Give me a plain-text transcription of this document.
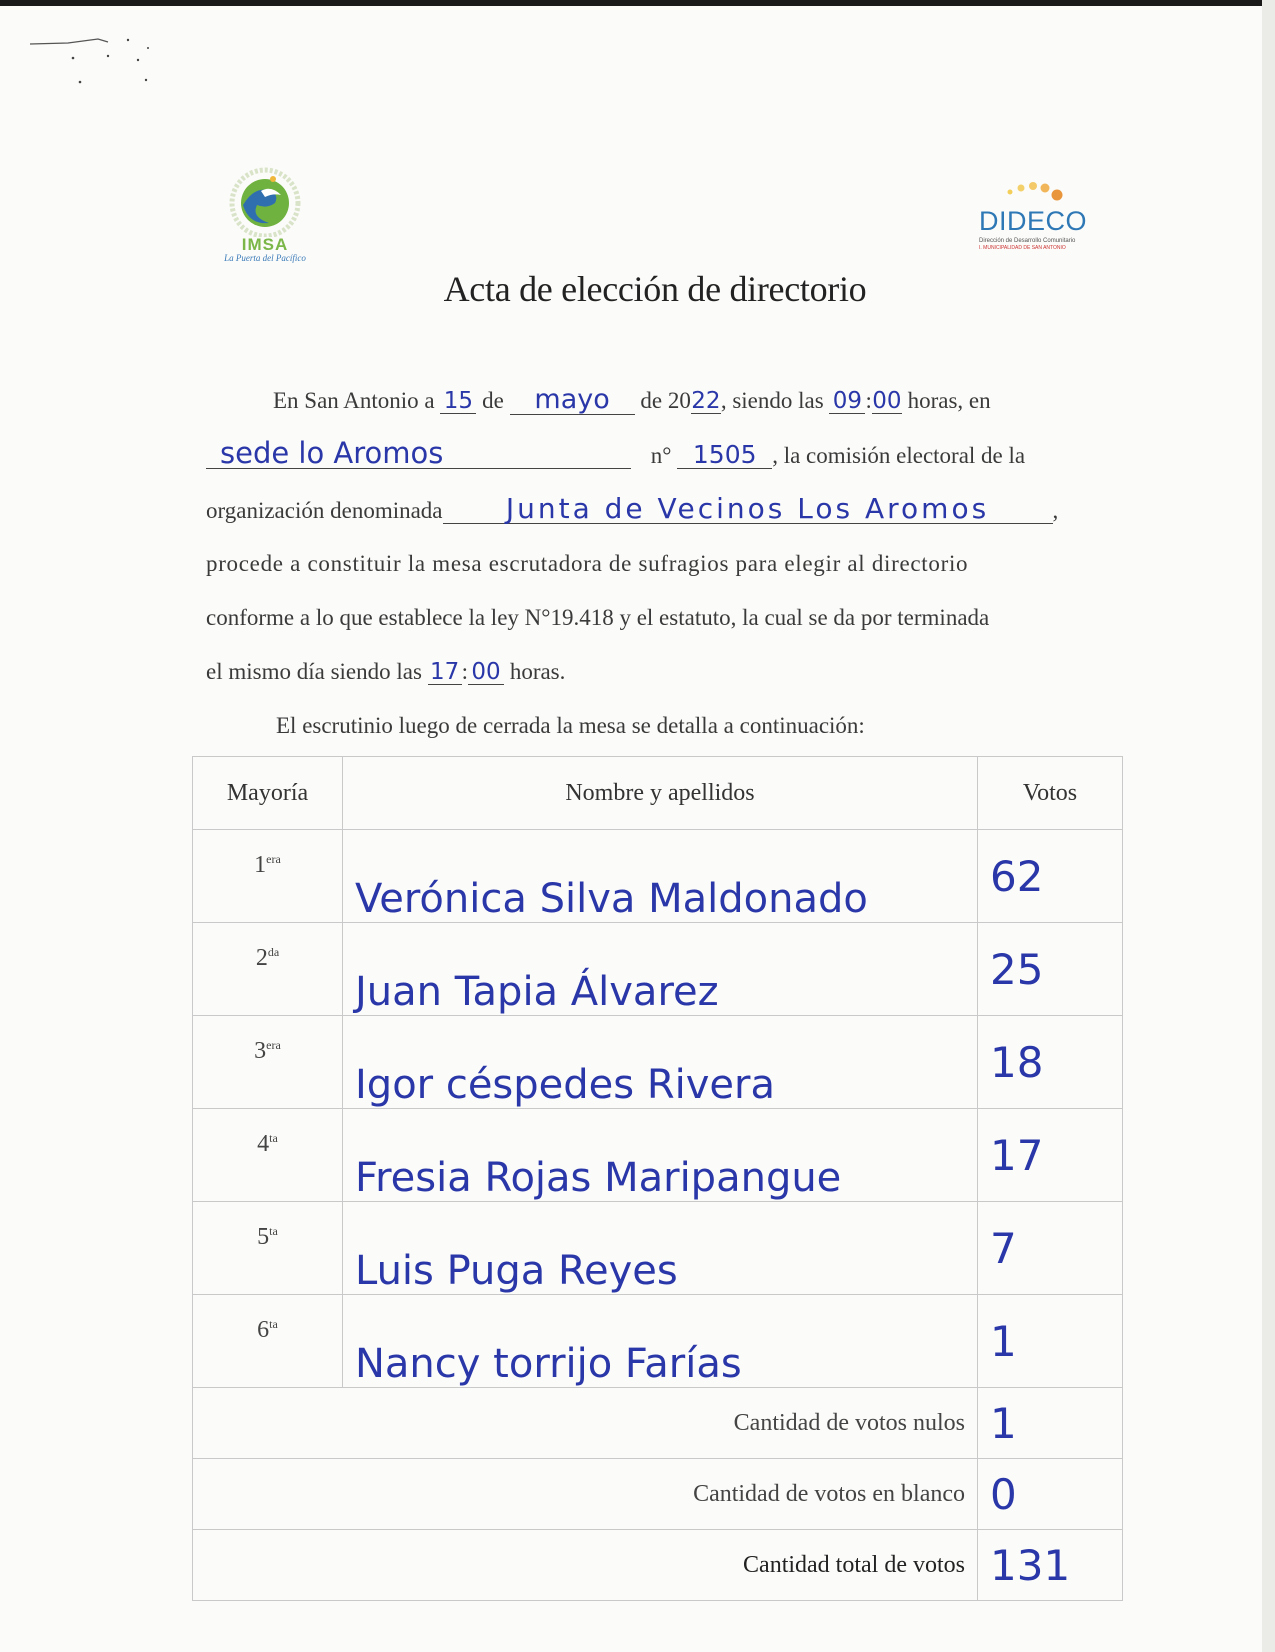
IMSA
La Puerta del Pacífico
DIDECO
Dirección de Desarrollo Comunitario
I. MUNICIPALIDAD DE SAN ANTONIO
Acta de elección de directorio
En San Antonio a 15 de mayo de 2022, siendo las 09 :00 horas, en
sede lo Aromos	n° 1505 , la comisión electoral de la
organización denominada Junta de Vecinos Los Aromos	,
procede a constituir la mesa escrutadora de sufragios para elegir al directorio
conforme a lo que establece la ley N°19.418 y el estatuto, la cual se da por terminada
el mismo día siendo las 17 : 00 horas.
El escrutinio luego de cerrada la mesa se detalla a continuación:
Mayoría	Nombre y apellidos	Votos
$1^{era}$	Verónica Silva Maldonado	62
$2^{da}$	Juan Tapia Álvarez	25
$3^{era}$	Igor céspedes Rivera	18
$4^{ta}$	Fresia Rojas Maripangue	17
$5^{ta}$	Luis Puga Reyes	7
$6^{ta}$	Nancy torrijo Farías	1
Cantidad de votos nulos		1
Cantidad de votos en blanco		0
Cantidad total de votos		131
